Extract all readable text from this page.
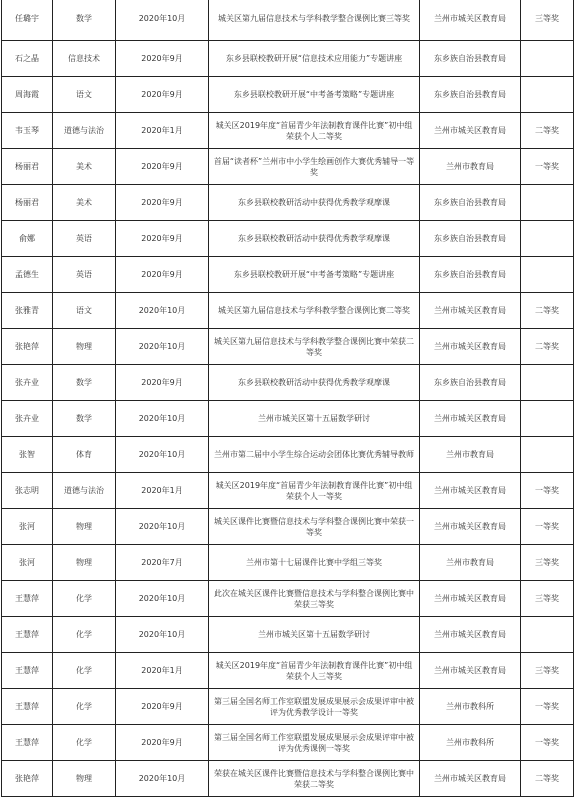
任璐宇	数学	2020年10月	城关区第九届信息技术与学科教学整合课例比赛三等奖	兰州市城关区教育局	三等奖
石之晶	信息技术	2020年9月	东乡县联校教研开展“信息技术应用能力”专题讲座	东乡族自治县教育局	
周海霞	语文	2020年9月	东乡县联校教研开展“中考备考策略”专题讲座	东乡族自治县教育局	
韦玉琴	道德与法治	2020年1月	城关区2019年度“首届青少年法制教育课件比赛”初中组荣获个人二等奖	兰州市城关区教育局	二等奖
杨丽君	美术	2020年9月	首届“读者杯”兰州市中小学生绘画创作大赛优秀辅导一等奖	兰州市教育局	一等奖
杨丽君	美术	2020年9月	东乡县联校教研活动中获得优秀教学观摩课	东乡族自治县教育局	
俞娜	英语	2020年9月	东乡县联校教研活动中获得优秀教学观摩课	东乡族自治县教育局	
孟德生	英语	2020年9月	东乡县联校教研开展“中考备考策略”专题讲座	东乡族自治县教育局	
张雅青	语文	2020年10月	城关区第九届信息技术与学科教学整合课例比赛二等奖	兰州市城关区教育局	二等奖
张艳萍	物理	2020年10月	城关区第九届信息技术与学科教学整合课例比赛中荣获二等奖	兰州市城关区教育局	二等奖
张卉业	数学	2020年9月	东乡县联校教研活动中获得优秀教学观摩课	东乡族自治县教育局	
张卉业	数学	2020年10月	兰州市城关区第十五届数学研讨	兰州市城关区教育局	
张智	体育	2020年10月	兰州市第二届中小学生综合运动会团体比赛优秀辅导教师	兰州市教育局	
张志明	道德与法治	2020年1月	城关区2019年度“首届青少年法制教育课件比赛”初中组荣获个人一等奖	兰州市城关区教育局	一等奖
张河	物理	2020年10月	城关区课件比赛暨信息技术与学科整合课例比赛中荣获一等奖	兰州市城关区教育局	一等奖
张河	物理	2020年7月	兰州市第十七届课件比赛中学组三等奖	兰州市教育局	三等奖
王慧萍	化学	2020年10月	此次在城关区课件比赛暨信息技术与学科整合课例比赛中荣获三等奖	兰州市城关区教育局	三等奖
王慧萍	化学	2020年10月	兰州市城关区第十五届数学研讨	兰州市城关区教育局	
王慧萍	化学	2020年1月	城关区2019年度“首届青少年法制教育课件比赛”初中组荣获个人三等奖	兰州市城关区教育局	三等奖
王慧萍	化学	2020年9月	第三届全国名师工作室联盟发展成果展示会成果评审中被评为优秀教学设计一等奖	兰州市教科所	一等奖
王慧萍	化学	2020年9月	第三届全国名师工作室联盟发展成果展示会成果评审中被评为优秀课例一等奖	兰州市教科所	一等奖
张艳萍	物理	2020年10月	荣获在城关区课件比赛暨信息技术与学科整合课例比赛中荣获二等奖	兰州市城关区教育局	二等奖
